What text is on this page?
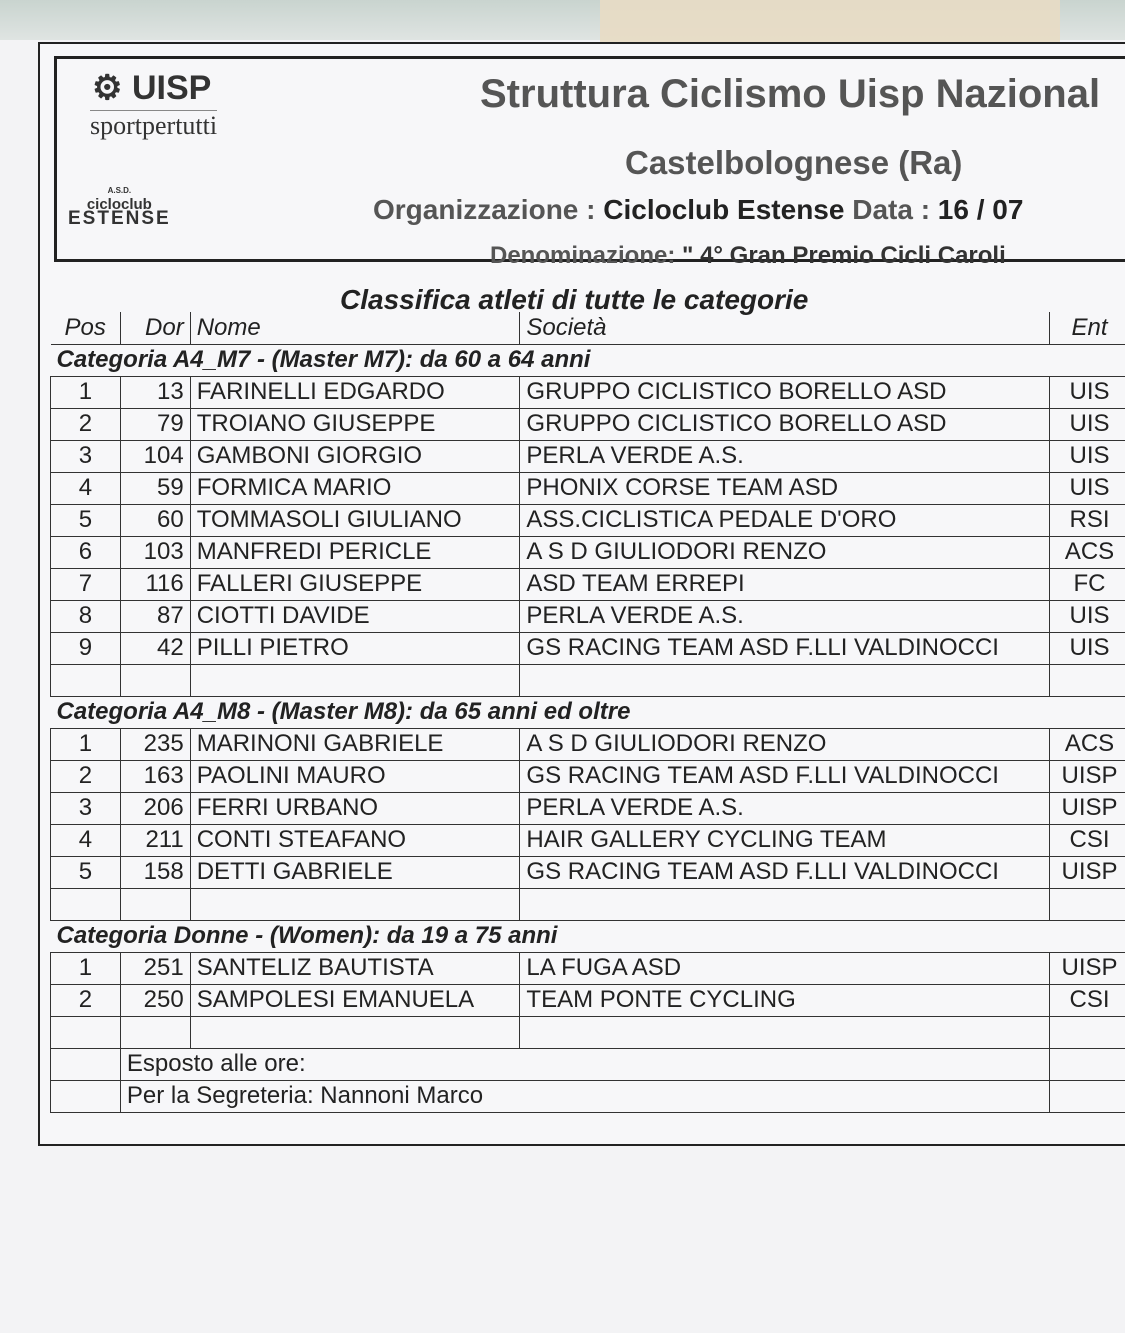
⚙ UISP
sportpertutti
A.S.D.
cicloclub
ESTENSE
Struttura Ciclismo Uisp Nazional
Castelbolognese (Ra)
Organizzazione : Cicloclub Estense Data : 16 / 07
Denominazione: " 4° Gran Premio Cicli Caroli
Classifica atleti di tutte le categorie
Pos	Dor	Nome	Società	Ent
Categoria A4_M7 - (Master M7): da 60 a 64 anni				
1	13	FARINELLI EDGARDO	GRUPPO CICLISTICO BORELLO ASD	UIS
2	79	TROIANO GIUSEPPE	GRUPPO CICLISTICO BORELLO ASD	UIS
3	104	GAMBONI GIORGIO	PERLA VERDE A.S.	UIS
4	59	FORMICA MARIO	PHONIX CORSE TEAM ASD	UIS
5	60	TOMMASOLI GIULIANO	ASS.CICLISTICA PEDALE D'ORO	RSI
6	103	MANFREDI PERICLE	A S D GIULIODORI RENZO	ACS
7	116	FALLERI GIUSEPPE	ASD TEAM ERREPI	FC
8	87	CIOTTI DAVIDE	PERLA VERDE A.S.	UIS
9	42	PILLI PIETRO	GS RACING TEAM ASD F.LLI VALDINOCCI	UIS

Categoria A4_M8 - (Master M8): da 65 anni ed oltre				
1	235	MARINONI GABRIELE	A S D GIULIODORI RENZO	ACS
2	163	PAOLINI MAURO	GS RACING TEAM ASD F.LLI VALDINOCCI	UISP
3	206	FERRI URBANO	PERLA VERDE A.S.	UISP
4	211	CONTI STEAFANO	HAIR GALLERY CYCLING TEAM	CSI
5	158	DETTI GABRIELE	GS RACING TEAM ASD F.LLI VALDINOCCI	UISP

Categoria Donne - (Women): da 19 a 75 anni				
1	251	SANTELIZ BAUTISTA	LA FUGA ASD	UISP
2	250	SAMPOLESI EMANUELA	TEAM PONTE CYCLING	CSI

	Esposto alle ore:			
	Per la Segreteria: Nannoni Marco			
